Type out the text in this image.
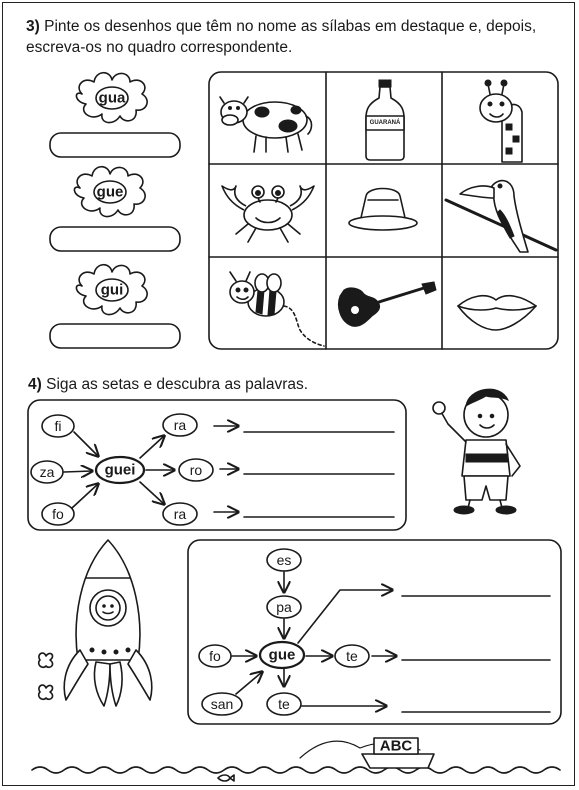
3) Pinte os desenhos que têm no nome as sílabas em destaque e, depois, escreva-os no quadro correspondente.
gua
gue
gui
GUARANÁ
4) Siga as setas e descubra as palavras.
fi
za
fo
guei
ra
ro
ra
es
pa
fo	gue	te
san	te
ABC
